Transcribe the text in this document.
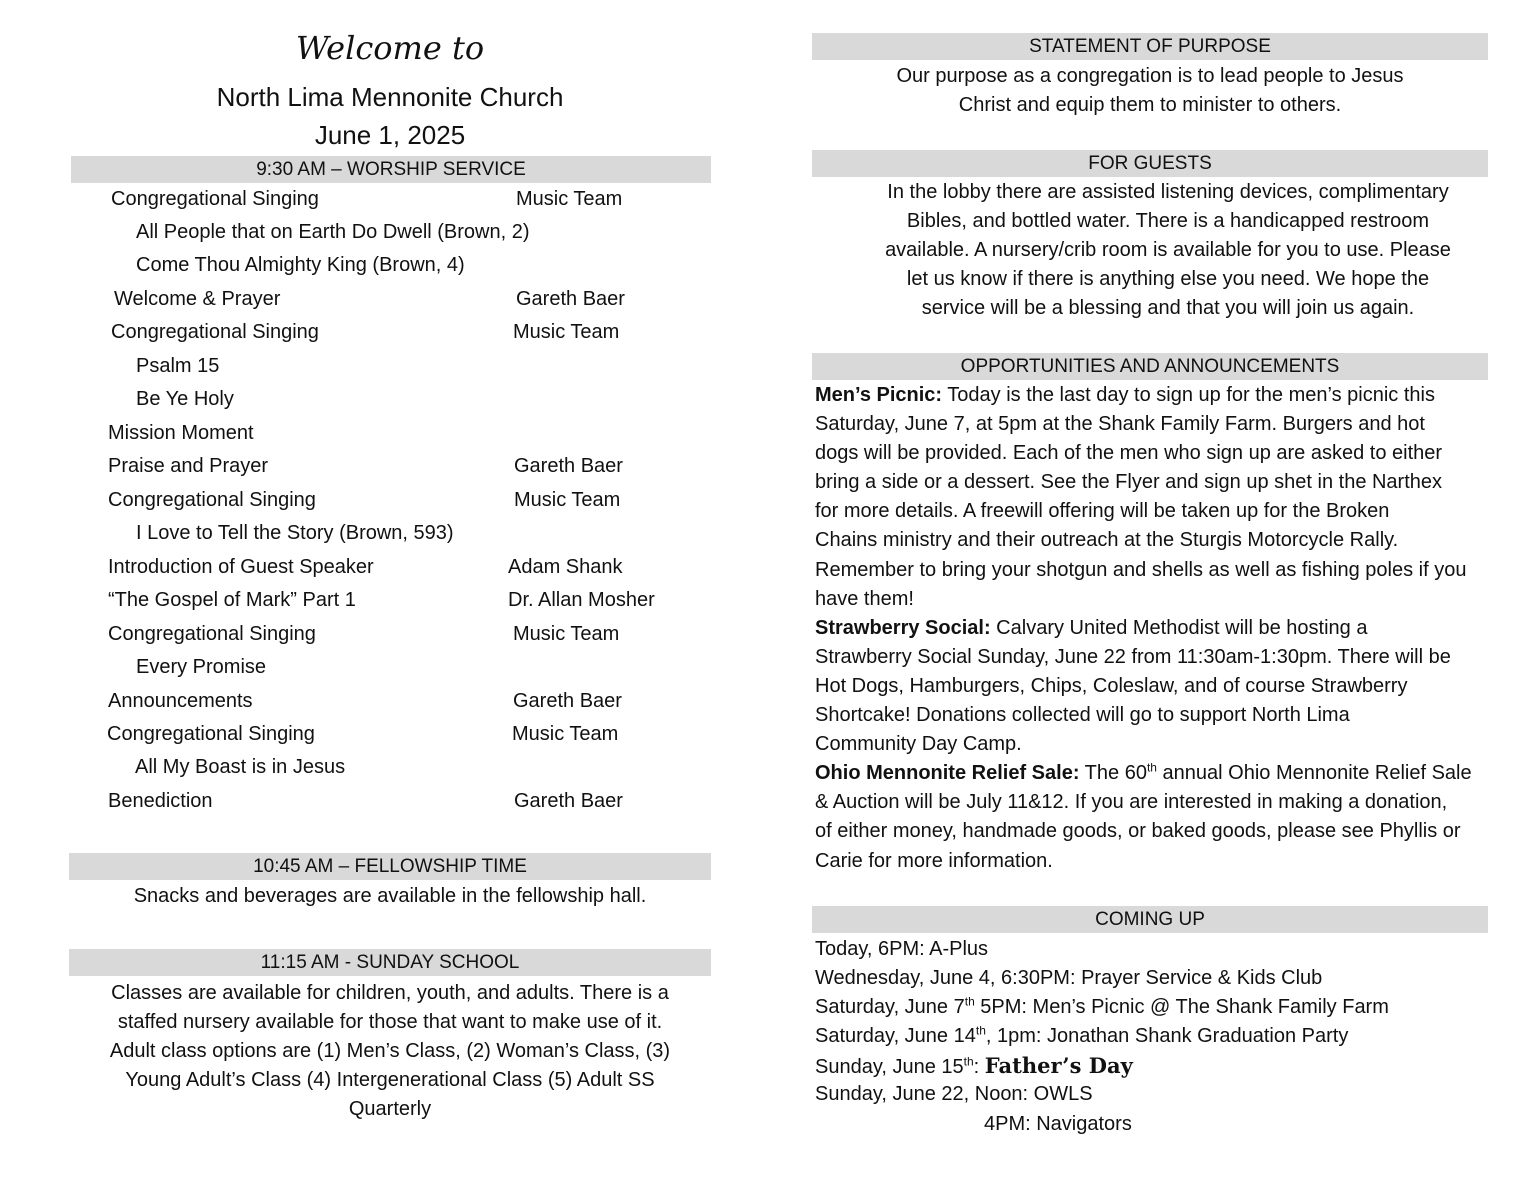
Welcome to
North Lima Mennonite Church
June 1, 2025
9:30 AM – WORSHIP SERVICE
Congregational Singing	Music Team
All People that on Earth Do Dwell (Brown, 2)
Come Thou Almighty King (Brown, 4)
Welcome & Prayer	Gareth Baer
Congregational Singing	Music Team
Psalm 15
Be Ye Holy
Mission Moment
Praise and Prayer	Gareth Baer
Congregational Singing	Music Team
I Love to Tell the Story (Brown, 593)
Introduction of Guest Speaker	Adam Shank
“The Gospel of Mark” Part 1	Dr. Allan Mosher
Congregational Singing	Music Team
Every Promise
Announcements	Gareth Baer
Congregational Singing	Music Team
All My Boast is in Jesus
Benediction	Gareth Baer
10:45 AM – FELLOWSHIP TIME
Snacks and beverages are available in the fellowship hall.
11:15 AM - SUNDAY SCHOOL
Classes are available for children, youth, and adults. There is a
staffed nursery available for those that want to make use of it.
Adult class options are (1) Men’s Class, (2) Woman’s Class, (3)
Young Adult’s Class (4) Intergenerational Class (5) Adult SS
Quarterly
STATEMENT OF PURPOSE
Our purpose as a congregation is to lead people to Jesus
Christ and equip them to minister to others.
FOR GUESTS
In the lobby there are assisted listening devices, complimentary
Bibles, and bottled water. There is a handicapped restroom
available. A nursery/crib room is available for you to use. Please
let us know if there is anything else you need. We hope the
service will be a blessing and that you will join us again.
OPPORTUNITIES AND ANNOUNCEMENTS
Men’s Picnic: Today is the last day to sign up for the men’s picnic this
Saturday, June 7, at 5pm at the Shank Family Farm. Burgers and hot
dogs will be provided. Each of the men who sign up are asked to either
bring a side or a dessert. See the Flyer and sign up shet in the Narthex
for more details. A freewill offering will be taken up for the Broken
Chains ministry and their outreach at the Sturgis Motorcycle Rally.
Remember to bring your shotgun and shells as well as fishing poles if you
have them!
Strawberry Social: Calvary United Methodist will be hosting a
Strawberry Social Sunday, June 22 from 11:30am-1:30pm. There will be
Hot Dogs, Hamburgers, Chips, Coleslaw, and of course Strawberry
Shortcake! Donations collected will go to support North Lima
Community Day Camp.
Ohio Mennonite Relief Sale: The 60th annual Ohio Mennonite Relief Sale
& Auction will be July 11&12. If you are interested in making a donation,
of either money, handmade goods, or baked goods, please see Phyllis or
Carie for more information.
COMING UP
Today, 6PM: A-Plus
Wednesday, June 4, 6:30PM: Prayer Service & Kids Club
Saturday, June 7th 5PM: Men’s Picnic @ The Shank Family Farm
Saturday, June 14th, 1pm: Jonathan Shank Graduation Party
Sunday, June 15th: Father’s Day
Sunday, June 22, Noon: OWLS
4PM: Navigators
